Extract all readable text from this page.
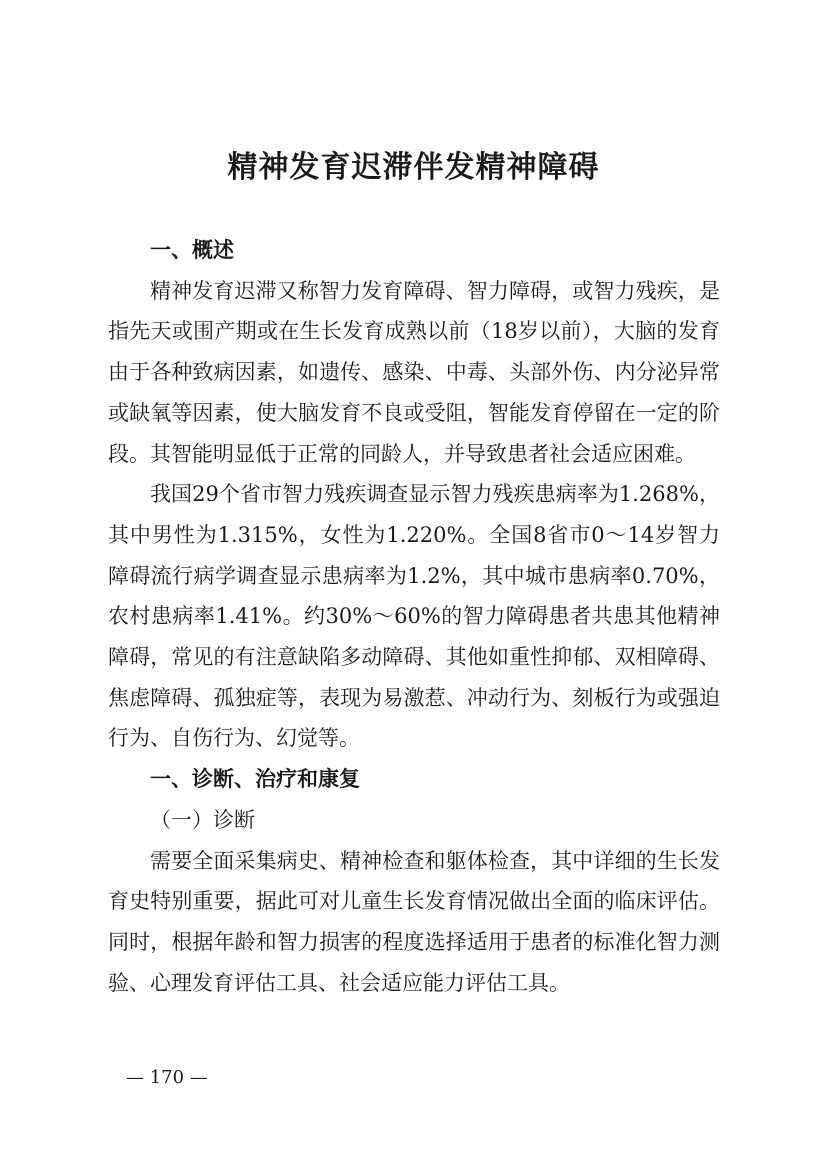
精神发育迟滞伴发精神障碍
一、概述

精神发育迟滞又称智力发育障碍、智力障碍，或智力残疾，是指先天或围产期或在生长发育成熟以前（18岁以前），大脑的发育由于各种致病因素，如遗传、感染、中毒、头部外伤、内分泌异常或缺氧等因素，使大脑发育不良或受阻，智能发育停留在一定的阶段。其智能明显低于正常的同龄人，并导致患者社会适应困难。

我国29个省市智力残疾调查显示智力残疾患病率为1.268%，其中男性为1.315%，女性为1.220%。全国8省市0～14岁智力障碍流行病学调查显示患病率为1.2%，其中城市患病率0.70%，农村患病率1.41%。约30%～60%的智力障碍患者共患其他精神障碍，常见的有注意缺陷多动障碍、其他如重性抑郁、双相障碍、焦虑障碍、孤独症等，表现为易激惹、冲动行为、刻板行为或强迫行为、自伤行为、幻觉等。

一、诊断、治疗和康复
（一）诊断

需要全面采集病史、精神检查和躯体检查，其中详细的生长发育史特别重要，据此可对儿童生长发育情况做出全面的临床评估。同时，根据年龄和智力损害的程度选择适用于患者的标准化智力测验、心理发育评估工具、社会适应能力评估工具。

— 170 —
